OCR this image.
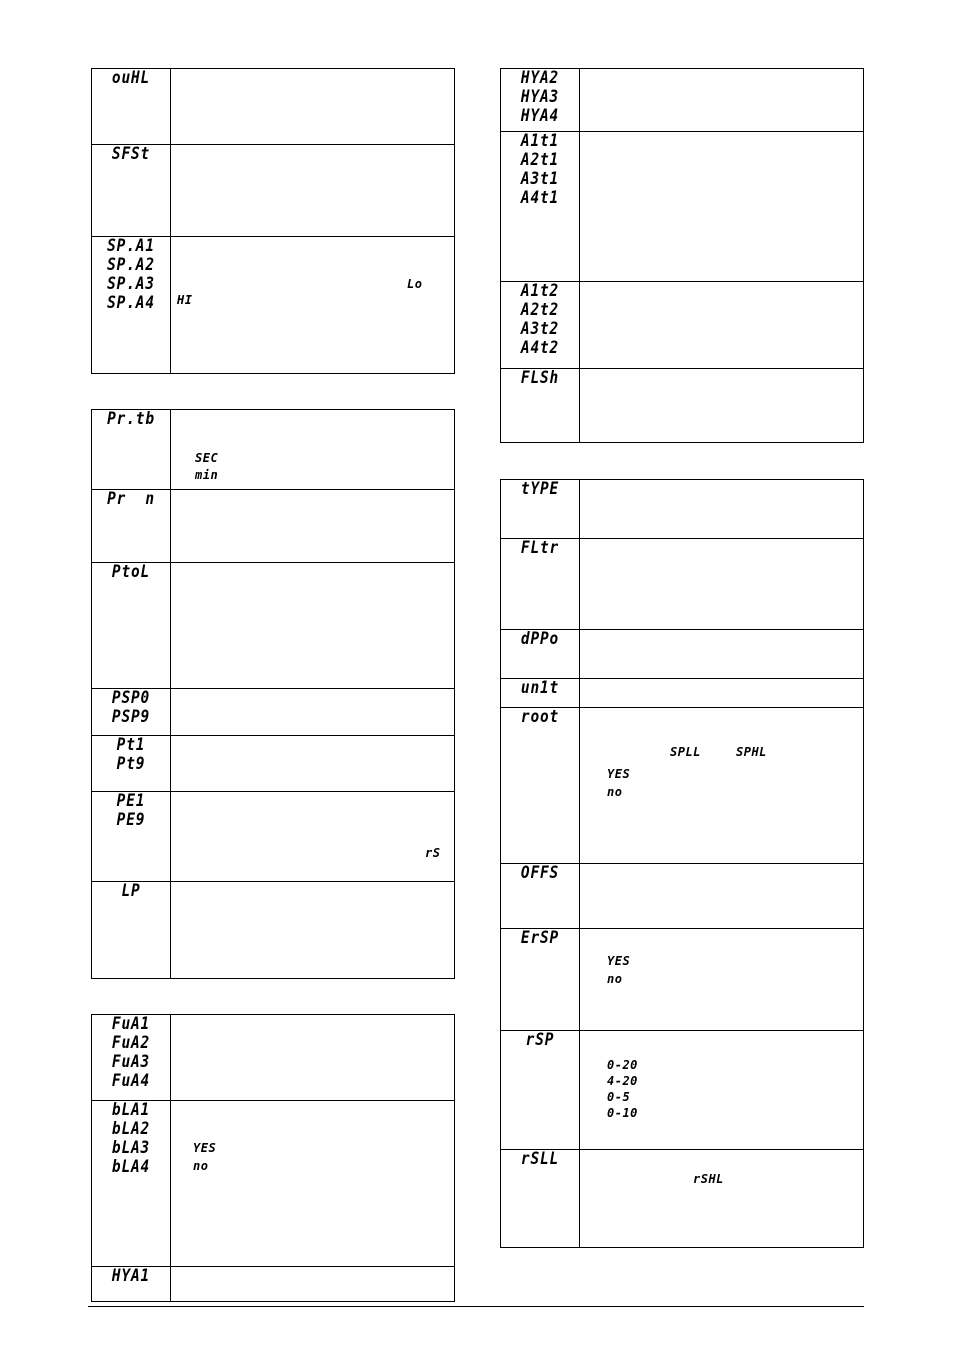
ouHL	

SFSt	

SP.A1
SP.A2
SP.A3
SP.A4	Lo
HI
Pr.tb	SEC
min

Pr  n	

PtoL	

PSP0
PSP9	

Pt1
Pt9	

PE1
PE9	rS

LP	

FuA1
FuA2
FuA3
FuA4	

bLA1
bLA2
bLA3
bLA4	YES
no

HYA1	

HYA2
HYA3
HYA4	

A1t1
A2t1
A3t1
A4t1	

A1t2
A2t2
A3t2
A4t2	

FLSh	

tYPE	

FLtr	

dPPo	

un1t	

root	SPLL SPHL
YES
no

OFFS	

ErSP	YES
no

rSP	0-20
4-20
0-5
0-10

rSLL	rSHL
